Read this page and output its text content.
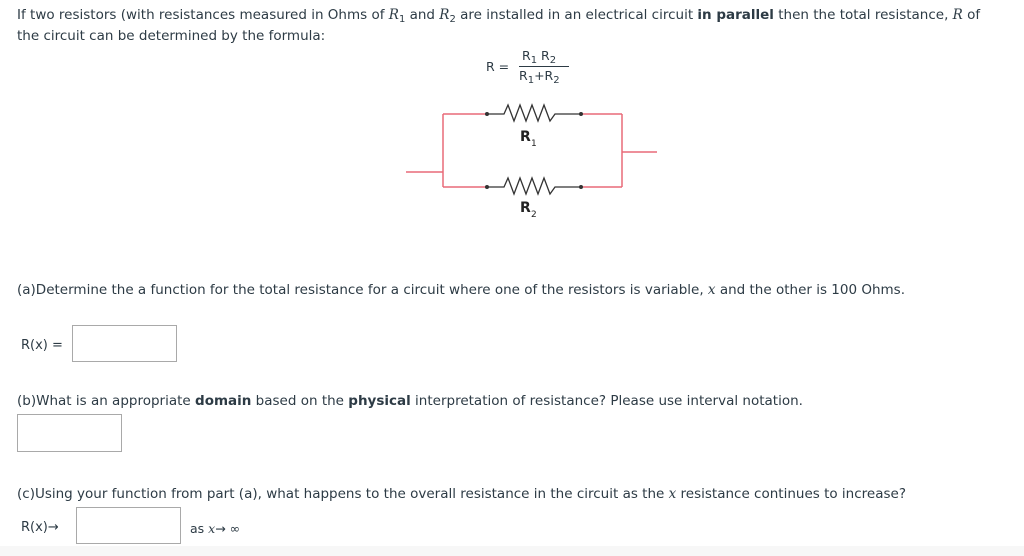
If two resistors (with resistances measured in Ohms of $R_1$ and $R_2$ are installed in an electrical circuit in parallel then the total resistance, R of
the circuit can be determined by the formula:
R =
$R_1$ $R_2$
$R_1+R_2$
R 1
R 2
(a)Determine the a function for the total resistance for a circuit where one of the resistors is variable, x and the other is 100 Ohms.
R(x) =
(b)What is an appropriate domain based on the physical interpretation of resistance? Please use interval notation.
(c)Using your function from part (a), what happens to the overall resistance in the circuit as the x resistance continues to increase?
R(x)→	as x→ ∞
